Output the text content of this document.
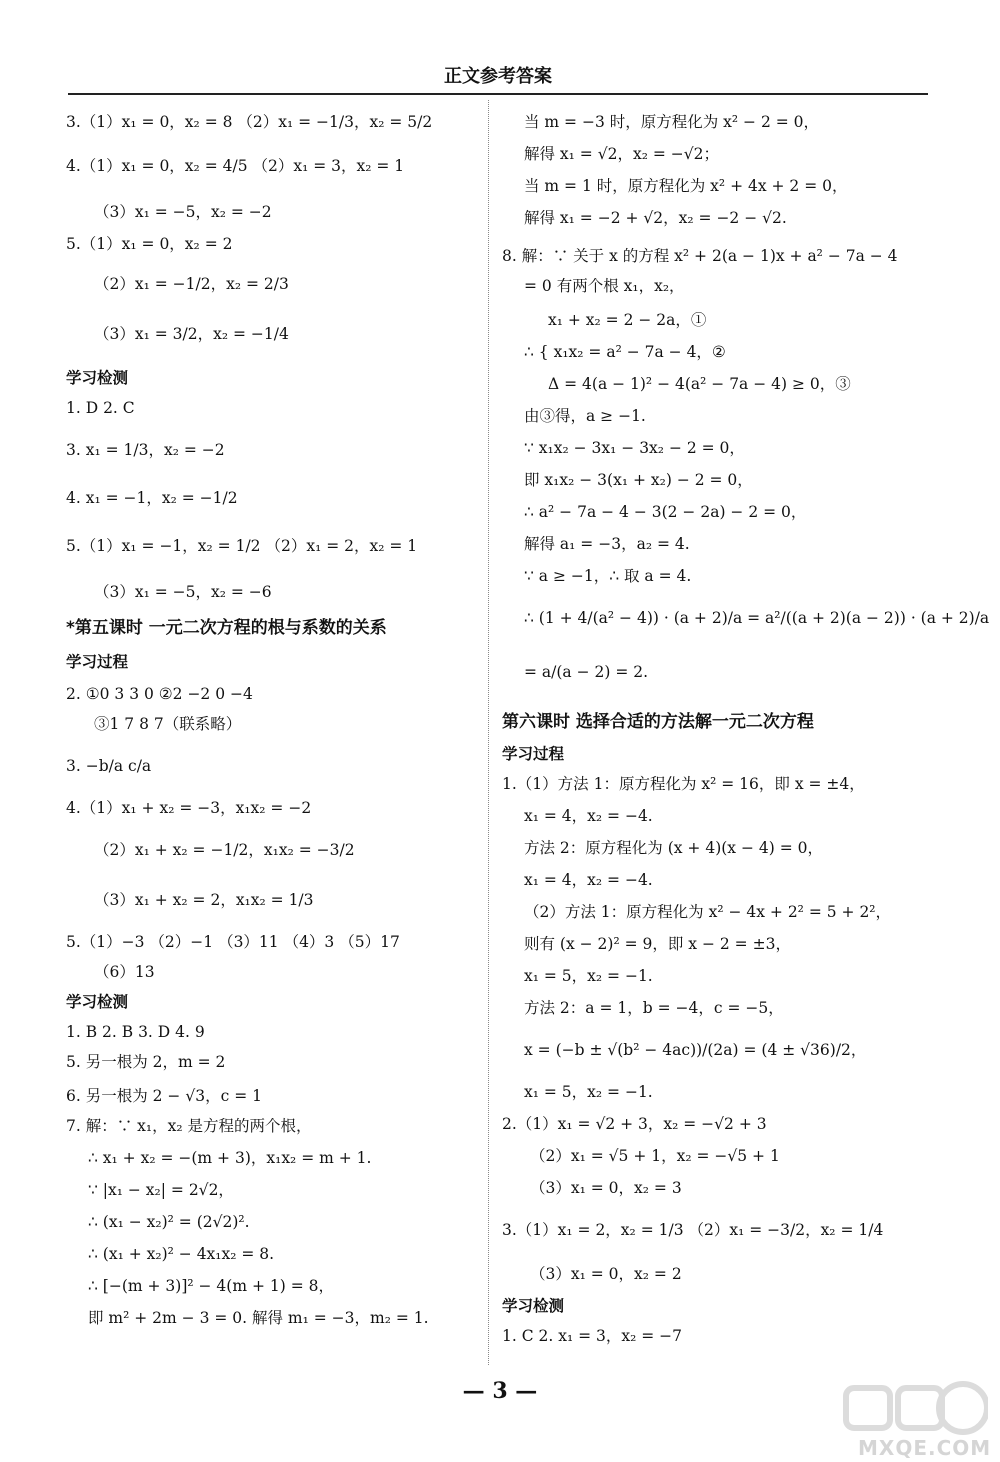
正文参考答案
3.（1）x₁ = 0，x₂ = 8 （2）x₁ = −1/3，x₂ = 5/2
4.（1）x₁ = 0，x₂ = 4/5 （2）x₁ = 3，x₂ = 1
（3）x₁ = −5，x₂ = −2
5.（1）x₁ = 0，x₂ = 2
（2）x₁ = −1/2，x₂ = 2/3
（3）x₁ = 3/2，x₂ = −1/4
学习检测
1. D 2. C
3. x₁ = 1/3，x₂ = −2
4. x₁ = −1，x₂ = −1/2
5.（1）x₁ = −1，x₂ = 1/2 （2）x₁ = 2，x₂ = 1
（3）x₁ = −5，x₂ = −6
*第五课时 一元二次方程的根与系数的关系
学习过程
2. ①0 3 3 0 ②2 −2 0 −4
③1 7 8 7（联系略）
3. −b/a c/a
4.（1）x₁ + x₂ = −3，x₁x₂ = −2
（2）x₁ + x₂ = −1/2，x₁x₂ = −3/2
（3）x₁ + x₂ = 2，x₁x₂ = 1/3
5.（1）−3 （2）−1 （3）11 （4）3 （5）17
（6）13
学习检测
1. B 2. B 3. D 4. 9
5. 另一根为 2，m = 2
6. 另一根为 2 − √3，c = 1
7. 解：∵ x₁，x₂ 是方程的两个根，
∴ x₁ + x₂ = −(m + 3)，x₁x₂ = m + 1.
∵ |x₁ − x₂| = 2√2，
∴ (x₁ − x₂)² = (2√2)².
∴ (x₁ + x₂)² − 4x₁x₂ = 8.
∴ [−(m + 3)]² − 4(m + 1) = 8，
即 m² + 2m − 3 = 0. 解得 m₁ = −3，m₂ = 1.
当 m = −3 时，原方程化为 x² − 2 = 0，
解得 x₁ = √2，x₂ = −√2；
当 m = 1 时，原方程化为 x² + 4x + 2 = 0，
解得 x₁ = −2 + √2，x₂ = −2 − √2.
8. 解：∵ 关于 x 的方程 x² + 2(a − 1)x + a² − 7a − 4
= 0 有两个根 x₁，x₂，
x₁ + x₂ = 2 − 2a，①
∴ { x₁x₂ = a² − 7a − 4，②
Δ = 4(a − 1)² − 4(a² − 7a − 4) ≥ 0，③
由③得，a ≥ −1.
∵ x₁x₂ − 3x₁ − 3x₂ − 2 = 0，
即 x₁x₂ − 3(x₁ + x₂) − 2 = 0，
∴ a² − 7a − 4 − 3(2 − 2a) − 2 = 0，
解得 a₁ = −3，a₂ = 4.
∵ a ≥ −1，∴ 取 a = 4.
∴ (1 + 4/(a² − 4)) · (a + 2)/a = a²/((a + 2)(a − 2)) · (a + 2)/a
= a/(a − 2) = 2.
第六课时 选择合适的方法解一元二次方程
学习过程
1.（1）方法 1：原方程化为 x² = 16，即 x = ±4，
x₁ = 4，x₂ = −4.
方法 2：原方程化为 (x + 4)(x − 4) = 0，
x₁ = 4，x₂ = −4.
（2）方法 1：原方程化为 x² − 4x + 2² = 5 + 2²，
则有 (x − 2)² = 9，即 x − 2 = ±3，
x₁ = 5，x₂ = −1.
方法 2：a = 1，b = −4，c = −5，
x = (−b ± √(b² − 4ac))/(2a) = (4 ± √36)/2，
x₁ = 5，x₂ = −1.
2.（1）x₁ = √2 + 3，x₂ = −√2 + 3
（2）x₁ = √5 + 1，x₂ = −√5 + 1
（3）x₁ = 0，x₂ = 3
3.（1）x₁ = 2，x₂ = 1/3 （2）x₁ = −3/2，x₂ = 1/4
（3）x₁ = 0，x₂ = 2
学习检测
1. C 2. x₁ = 3，x₂ = −7
— 3 —
MXQE.COM
